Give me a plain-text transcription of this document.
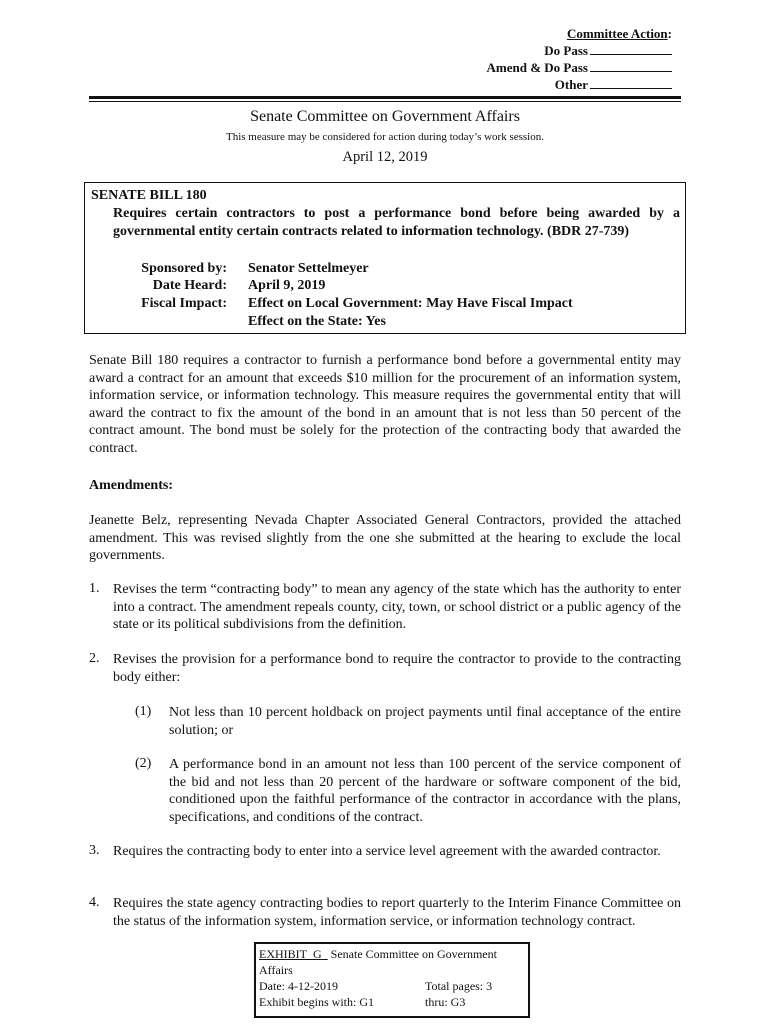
Committee Action:
Do Pass
Amend & Do Pass
Other
Senate Committee on Government Affairs
This measure may be considered for action during today’s work session.
April 12, 2019
SENATE BILL 180
Requires certain contractors to post a performance bond before being awarded by a governmental entity certain contracts related to information technology. (BDR 27-739)
Sponsored by: Senator Settelmeyer
Date Heard: April 9, 2019
Fiscal Impact: Effect on Local Government: May Have Fiscal Impact
Effect on the State: Yes
Senate Bill 180 requires a contractor to furnish a performance bond before a governmental entity may award a contract for an amount that exceeds $10 million for the procurement of an information system, information service, or information technology. This measure requires the governmental entity that will award the contract to fix the amount of the bond in an amount that is not less than 50 percent of the contract amount. The bond must be solely for the protection of the contracting body that awarded the contract.
Amendments:
Jeanette Belz, representing Nevada Chapter Associated General Contractors, provided the attached amendment. This was revised slightly from the one she submitted at the hearing to exclude the local governments.
1. Revises the term “contracting body” to mean any agency of the state which has the authority to enter into a contract. The amendment repeals county, city, town, or school district or a public agency of the state or its political subdivisions from the definition.
2. Revises the provision for a performance bond to require the contractor to provide to the contracting body either:
(1) Not less than 10 percent holdback on project payments until final acceptance of the entire solution; or
(2) A performance bond in an amount not less than 100 percent of the service component of the bid and not less than 20 percent of the hardware or software component of the bid, conditioned upon the faithful performance of the contractor in accordance with the plans, specifications, and conditions of the contract.
3. Requires the contracting body to enter into a service level agreement with the awarded contractor.
4. Requires the state agency contracting bodies to report quarterly to the Interim Finance Committee on the status of the information system, information service, or information technology contract.
EXHIBIT G Senate Committee on Government
Affairs
Date: 4-12-2019	Total pages: 3
Exhibit begins with: G1	thru: G3
